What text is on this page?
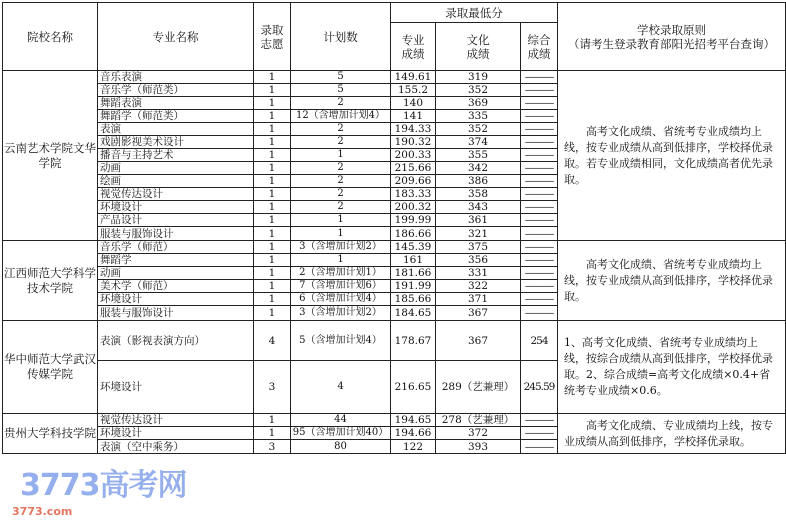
院校名称	专业名称	录取志愿	计划数	录取最低分			学校录取原则
（请考生登录教育部阳光招考平台查询）

				专业成绩	文化成绩	综合成绩	
云南艺术学院文华学院	音乐表演	1	5	149.61	319	———	高考文化成绩、省统考专业成绩均上线，按专业成绩从高到低排序，学校择优录取。若专业成绩相同，文化成绩高者优先录取。
	音乐学（师范类）	1	5	155.2	352	———	
	舞蹈表演	1	2	140	369	———	
	舞蹈学（师范类）	1	12（含增加计划4）	141	335	———	
	表演	1	2	194.33	352	———	
	戏剧影视美术设计	1	2	190.32	374	———	
	播音与主持艺术	1	1	200.33	355	———	
	动画	1	2	215.66	342	———	
	绘画	1	2	209.66	386	———	
	视觉传达设计	1	2	183.33	358	———	
	环境设计	1	2	200.32	343	———	
	产品设计	1	1	199.99	361	———	
	服装与服饰设计	1	1	186.66	321	———	
江西师范大学科学技术学院	音乐学（师范）	1	3（含增加计划2）	145.39	375	———	高考文化成绩、省统考专业成绩均上线，按专业成绩从高到低排序，学校择优录取。
	舞蹈学	1	1	161	356	———	
	动画	1	2（含增加计划1）	181.66	331	———	
	美术学（师范）	1	7（含增加计划6）	191.99	322	———	
	环境设计	1	6（含增加计划4）	185.66	371	———	
	服装与服饰设计	1	3（含增加计划2）	184.65	367	———	
华中师范大学武汉传媒学院	表演（影视表演方向）	4	5（含增加计划4）	178.67	367	254	1、高考文化成绩、省统考专业成绩均上线，按综合成绩从高到低排序，学校择优录取。2、综合成绩=高考文化成绩×0.4+省统考专业成绩×0.6。
	环境设计	3	4	216.65	289（艺兼理）	245.59	
贵州大学科技学院	视觉传达设计	1	44	194.65	278（艺兼理）	———	高考文化成绩、专业成绩均上线，按专业成绩从高到低排序，学校择优录取。
	环境设计	1	95（含增加计划40）	194.66	372	———	
	表演（空中乘务）	3	80	122	393	———	
3773高考网
3773.com
